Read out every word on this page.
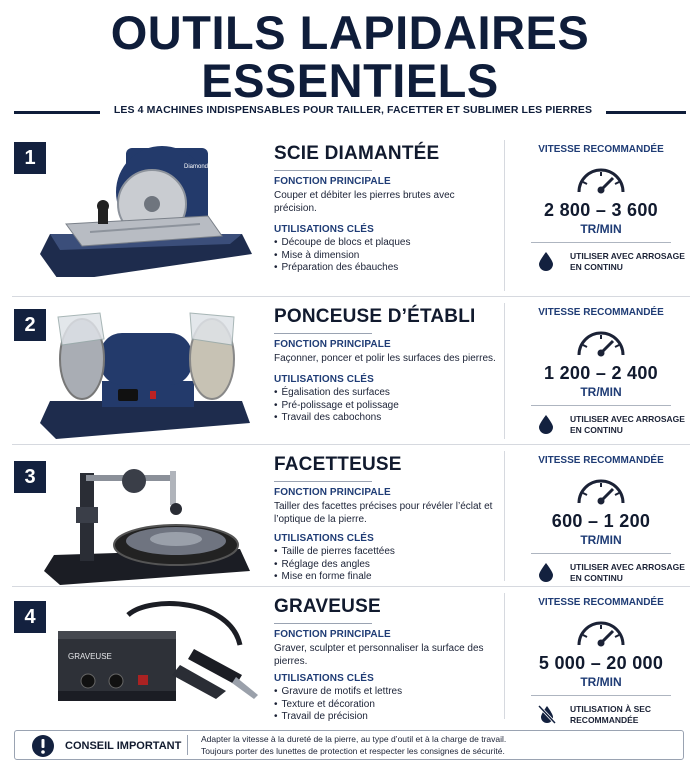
OUTILS LAPIDAIRES
ESSENTIELS
LES 4 MACHINES INDISPENSABLES POUR TAILLER, FACETTER ET SUBLIMER LES PIERRES
1	Diamond
SCIE DIAMANTÉE
FONCTION PRINCIPALE
Couper et débiter les pierres brutes avec précision.
UTILISATIONS CLÉS
• Découpe de blocs et plaques
• Mise à dimension
• Préparation des ébauches
VITESSE RECOMMANDÉE
2 800 – 3 600
TR/MIN
UTILISER AVEC ARROSAGE EN CONTINU
2	PONCEUSE D’ÉTABLI
FONCTION PRINCIPALE
Façonner, poncer et polir les surfaces des pierres.
UTILISATIONS CLÉS
• Égalisation des surfaces
• Pré-polissage et polissage
• Travail des cabochons
VITESSE RECOMMANDÉE
1 200 – 2 400
TR/MIN
UTILISER AVEC ARROSAGE EN CONTINU
3
FACETTEUSE
FONCTION PRINCIPALE
Tailler des facettes précises pour révéler l’éclat et l’optique de la pierre.
UTILISATIONS CLÉS
• Taille de pierres facettées
• Réglage des angles
• Mise en forme finale
VITESSE RECOMMANDÉE
600 – 1 200
TR/MIN
UTILISER AVEC ARROSAGE EN CONTINU
4
GRAVEUSE
GRAVEUSE
FONCTION PRINCIPALE
Graver, sculpter et personnaliser la surface des pierres.
UTILISATIONS CLÉS
• Gravure de motifs et lettres
• Texture et décoration
• Travail de précision
VITESSE RECOMMANDÉE
5 000 – 20 000
TR/MIN
UTILISATION À SEC RECOMMANDÉE
CONSEIL IMPORTANT
Adapter la vitesse à la dureté de la pierre, au type d’outil et à la charge de travail.
Toujours porter des lunettes de protection et respecter les consignes de sécurité.
